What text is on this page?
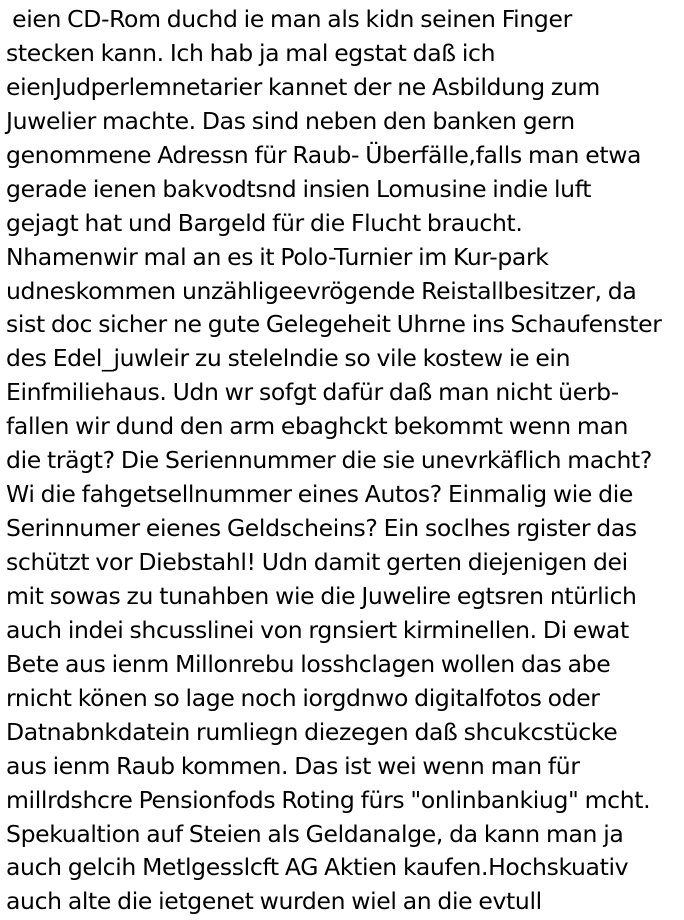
eien CD-Rom duchd ie man als kidn seinen Finger
stecken kann. Ich hab ja mal egstat daß ich
eienJudperlemnetarier kannet der ne Asbildung zum
Juwelier machte. Das sind neben den banken gern
genommene Adressn für Raub- Überfälle,falls man etwa
gerade ienen bakvodtsnd insien Lomusine indie luft
gejagt hat und Bargeld für die Flucht braucht.
Nhamenwir mal an es it Polo-Turnier im Kur-park
udneskommen unzähligeevrögende Reistallbesitzer, da
sist doc sicher ne gute Gelegeheit Uhrne ins Schaufenster
des Edel_juwleir zu stelelndie so vile kostew ie ein
Einfmiliehaus. Udn wr sofgt dafür daß man nicht üerb-
fallen wir dund den arm ebaghckt bekommt wenn man
die trägt? Die Seriennummer die sie unevrkäflich macht?
Wi die fahgetsellnummer eines Autos? Einmalig wie die
Serinnumer eienes Geldscheins? Ein soclhes rgister das
schützt vor Diebstahl! Udn damit gerten diejenigen dei
mit sowas zu tunahben wie die Juwelire egtsren ntürlich
auch indei shcusslinei von rgnsiert kirminellen. Di ewat
Bete aus ienm Millonrebu losshclagen wollen das abe
rnicht könen so lage noch iorgdnwo digitalfotos oder
Datnabnkdatein rumliegn diezegen daß shcukcstücke
aus ienm Raub kommen. Das ist wei wenn man für
millrdshcre Pensionfods Roting fürs "onlinbankiug" mcht.
Spekualtion auf Steien als Geldanalge, da kann man ja
auch gelcih Metlgesslcft AG Aktien kaufen.Hochskuativ
auch alte die ietgenet wurden wiel an die evtull
